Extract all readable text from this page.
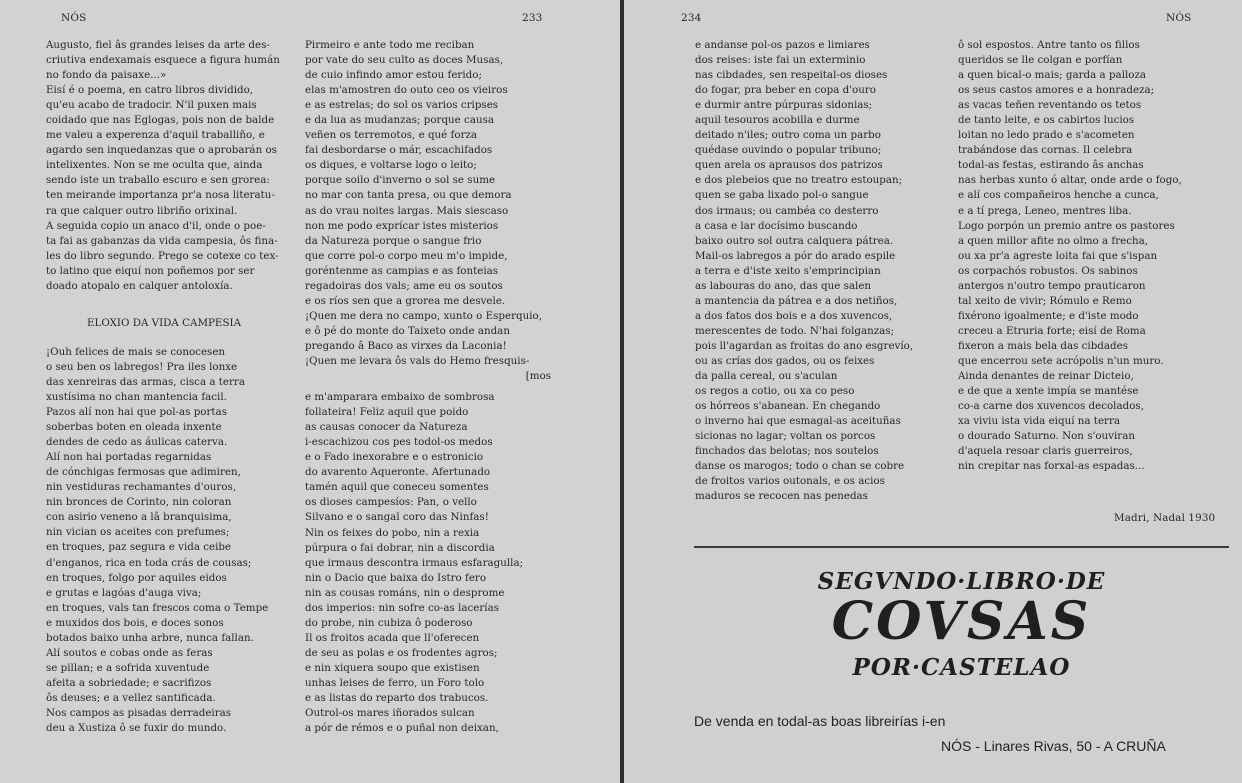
NÓS	233
Augusto, fiel âs grandes leises da arte des-
criutiva endexamais esquece a figura humán
no fondo da paisaxe...»
Eisí é o poema, en catro libros dividido,
qu'eu acabo de tradocir. N'il puxen mais
coidado que nas Eglogas, pois non de balde
me valeu a experenza d'aquil traballiño, e
agardo sen inquedanzas que o aprobarán os
intelixentes. Non se me oculta que, ainda
sendo iste un traballo escuro e sen grorea:
ten meirande importanza pr'a nosa literatu-
ra que calquer outro libriño orixinal.
A seguida copio un anaco d'il, onde o poe-
ta fai as gabanzas da vida campesia, ôs fina-
les do libro segundo. Prego se cotexe co tex-
to latino que eiquí non poñemos por ser
doado atopalo en calquer antoloxía.
ELOXIO DA VIDA CAMPESIA
¡Ouh felices de mais se conocesen
o seu ben os labregos! Pra iles lonxe
das xenreiras das armas, cisca a terra
xustísima no chan mantencia facil.
Pazos alí non hai que pol-as portas
soberbas boten en oleada inxente
dendes de cedo as áulicas caterva.
Alí non hai portadas regarnidas
de cónchigas fermosas que adimiren,
nin vestiduras rechamantes d'ouros,
nin bronces de Corinto, nin coloran
con asirio veneno a lâ branquisima,
nin vician os aceites con prefumes;
en troques, paz segura e vida ceibe
d'enganos, rica en toda crás de cousas;
en troques, folgo por aquiles eidos
e grutas e lagóas d'auga viva;
en troques, vals tan frescos coma o Tempe
e muxidos dos bois, e doces sonos
botados baixo unha arbre, nunca fallan.
Alí soutos e cobas onde as feras
se pillan; e a sofrida xuventude
afeita a sobriedade; e sacrifizos
ôs deuses; e a vellez santificada.
Nos campos as pisadas derradeiras
deu a Xustiza ô se fuxir do mundo.
Pirmeiro e ante todo me reciban
por vate do seu culto as doces Musas,
de cuio infindo amor estou ferido;
elas m'amostren do outo ceo os vieiros
e as estrelas; do sol os varios cripses
e da lua as mudanzas; porque causa
veñen os terremotos, e qué forza
fai desbordarse o már, escachifados
os diques, e voltarse logo o leito;
porque soilo d'inverno o sol se sume
no mar con tanta presa, ou que demora
as do vrau noites largas. Mais siescaso
non me podo exprícar istes misterios
da Natureza porque o sangue frio
que corre pol-o corpo meu m'o impide,
goréntenme as campias e as fonteias
regadoiras dos vals; ame eu os soutos
e os ríos sen que a grorea me desvele.
¡Quen me dera no campo, xunto o Esperquio,
e ô pé do monte do Taixeto onde andan
pregando â Baco as virxes da Laconia!
¡Quen me levara ôs vals do Hemo fresquis-
[mos
e m'amparara embaixo de sombrosa
follateira! Feliz aquil que poido
as causas conocer da Natureza
i-escachizou cos pes todol-os medos
e o Fado inexorabre e o estronicio
do avarento Aqueronte. Afertunado
tamén aquil que coneceu somentes
os dioses campesíos: Pan, o vello
Silvano e o sangal coro das Ninfas!
Nin os feixes do pobo, nin a rexia
púrpura o fai dobrar, nin a discordia
que irmaus descontra irmaus esfaragulla;
nin o Dacio que baixa do Istro fero
nin as cousas románs, nin o desprome
dos imperios: nin sofre co-as lacerías
do probe, nin cubiza ô poderoso
Il os froitos acada que ll'oferecen
de seu as polas e os frodentes agros;
e nin xiquera soupo que existisen
unhas leises de ferro, un Foro tolo
e as listas do reparto dos trabucos.
Outrol-os mares iñorados sulcan
a pór de rémos e o puñal non deixan,
234	NÓS
e andanse pol-os pazos e limiares
dos reises: iste fai un exterminio
nas cibdades, sen respeital-os dioses
do fogar, pra beber en copa d'ouro
e durmir antre púrpuras sidonias;
aquil tesouros acobilla e durme
deitado n'iles; outro coma un parbo
quédase ouvindo o popular tribuno;
quen arela os aprausos dos patrizos
e dos plebeios que no treatro estoupan;
quen se gaba lixado pol-o sangue
dos irmaus; ou cambéa co desterro
a casa e lar docísimo buscando
baixo outro sol outra calquera pátrea.
Mail-os labregos a pór do arado espile
a terra e d'iste xeito s'emprincipian
as labouras do ano, das que salen
a mantencia da pátrea e a dos netiños,
a dos fatos dos bois e a dos xuvencos,
merescentes de todo. N'hai folganzas;
pois ll'agardan as froitas do ano esgrevío,
ou as crías dos gados, ou os feixes
da palla cereal, ou s'aculan
os regos a cotio, ou xa co peso
os hórreos s'abanean. En chegando
o inverno hai que esmagal-as aceituñas
sicionas no lagar; voltan os porcos
finchados das belotas; nos soutelos
danse os marogos; todo o chan se cobre
de froitos varios outonals, e os acios
maduros se recocen nas penedas
ô sol espostos. Antre tanto os fillos
queridos se lle colgan e porfían
a quen bical-o mais; garda a palloza
os seus castos amores e a honradeza;
as vacas teñen reventando os tetos
de tanto leite, e os cabirtos lucios
loitan no ledo prado e s'acometen
trabándose das cornas. Il celebra
todal-as festas, estirando âs anchas
nas herbas xunto ó altar, onde arde o fogo,
e alí cos compañeiros henche a cunca,
e a tí prega, Leneo, mentres liba.
Logo porpón un premio antre os pastores
a quen millor afite no olmo a frecha,
ou xa pr'a agreste loita fai que s'ispan
os corpachós robustos. Os sabinos
antergos n'outro tempo prauticaron
tal xeito de vivir; Rómulo e Remo
fixérono igoalmente; e d'iste modo
creceu a Etruria forte; eisí de Roma
fixeron a mais bela das cibdades
que encerrou sete acrópolis n'un muro.
Ainda denantes de reinar Dicteio,
e de que a xente impía se mantése
co-a carne dos xuvencos decolados,
xa viviu ista vida eiquí na terra
o dourado Saturno. Non s'ouviran
d'aquela resoar claris guerreiros,
nin crepitar nas forxal-as espadas...
Madri, Nadal 1930
SEGVNDO·LIBRO·DE
COVSAS
POR·CASTELAO
De venda en todal-as boas libreirías i-en
NÓS - Linares Rivas, 50 - A CRUÑA
